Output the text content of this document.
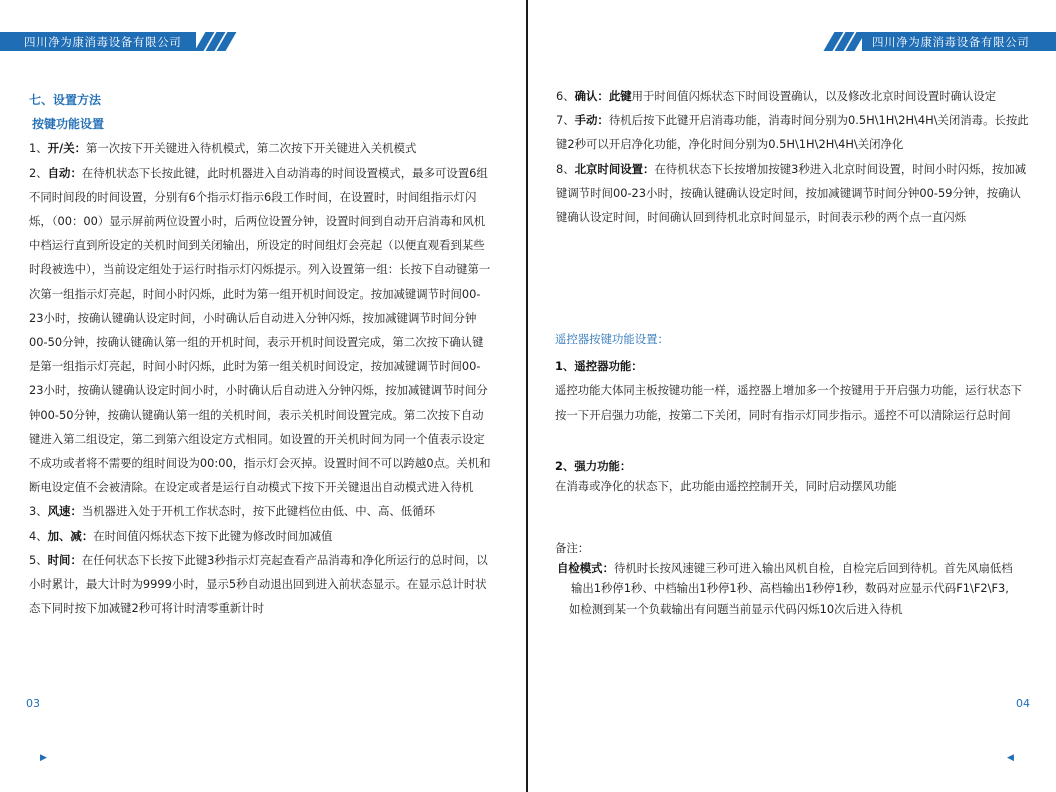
四川净为康消毒设备有限公司

七、设置方法

按键功能设置

1、开/关：第一次按下开关键进入待机模式，第二次按下开关键进入关机模式

2、自动：在待机状态下长按此键，此时机器进入自动消毒的时间设置模式，最多可设置6组不同时间段的时间设置，分别有6个指示灯指示6段工作时间，在设置时，时间组指示灯闪烁，（00：00）显示屏前两位设置小时，后两位设置分钟，设置时间到自动开启消毒和风机中档运行直到所设定的关机时间到关闭输出，所设定的时间组灯会亮起（以便直观看到某些时段被选中），当前设定组处于运行时指示灯闪烁提示。列入设置第一组：长按下自动键第一次第一组指示灯亮起，时间小时闪烁，此时为第一组开机时间设定。按加减键调节时间00-23小时，按确认键确认设定时间，小时确认后自动进入分钟闪烁，按加减键调节时间分钟00-50分钟，按确认键确认第一组的开机时间，表示开机时间设置完成，第二次按下确认键是第一组指示灯亮起，时间小时闪烁，此时为第一组关机时间设定，按加减键调节时间00-23小时，按确认键确认设定时间小时，小时确认后自动进入分钟闪烁，按加减键调节时间分钟00-50分钟，按确认键确认第一组的关机时间，表示关机时间设置完成。第二次按下自动键进入第二组设定，第二到第六组设定方式相同。如设置的开关机时间为同一个值表示设定不成功或者将不需要的组时间设为00:00，指示灯会灭掉。设置时间不可以跨越0点。关机和断电设定值不会被清除。在设定或者是运行自动模式下按下开关键退出自动模式进入待机

3、风速：当机器进入处于开机工作状态时，按下此键档位由低、中、高、低循环

4、加、减：在时间值闪烁状态下按下此键为修改时间加减值

5、时间：在任何状态下长按下此键3秒指示灯亮起查看产品消毒和净化所运行的总时间，以小时累计，最大计时为9999小时，显示5秒自动退出回到进入前状态显示。在显示总计时状态下同时按下加减键2秒可将计时清零重新计时

03
▶
四川净为康消毒设备有限公司

6、确认：此键用于时间值闪烁状态下时间设置确认，以及修改北京时间设置时确认设定

7、手动：待机后按下此键开启消毒功能，消毒时间分别为0.5H\1H\2H\4H\关闭消毒。长按此键2秒可以开启净化功能，净化时间分别为0.5H\1H\2H\4H\关闭净化

8、北京时间设置：在待机状态下长按增加按键3秒进入北京时间设置，时间小时闪烁，按加减键调节时间00-23小时，按确认键确认设定时间，按加减键调节时间分钟00-59分钟，按确认键确认设定时间，时间确认回到待机北京时间显示，时间表示秒的两个点一直闪烁

遥控器按键功能设置：
1、遥控器功能：
遥控功能大体同主板按键功能一样，遥控器上增加多一个按键用于开启强力功能，运行状态下按一下开启强力功能，按第二下关闭，同时有指示灯同步指示。遥控不可以清除运行总时间
2、强力功能：
在消毒或净化的状态下，此功能由遥控控制开关，同时启动摆风功能
备注：
自检模式：待机时长按风速键三秒可进入输出风机自检，自检完后回到待机。首先风扇低档
输出1秒停1秒、中档输出1秒停1秒、高档输出1秒停1秒，数码对应显示代码F1\F2\F3,
如检测到某一个负载输出有问题当前显示代码闪烁10次后进入待机
04
◀
